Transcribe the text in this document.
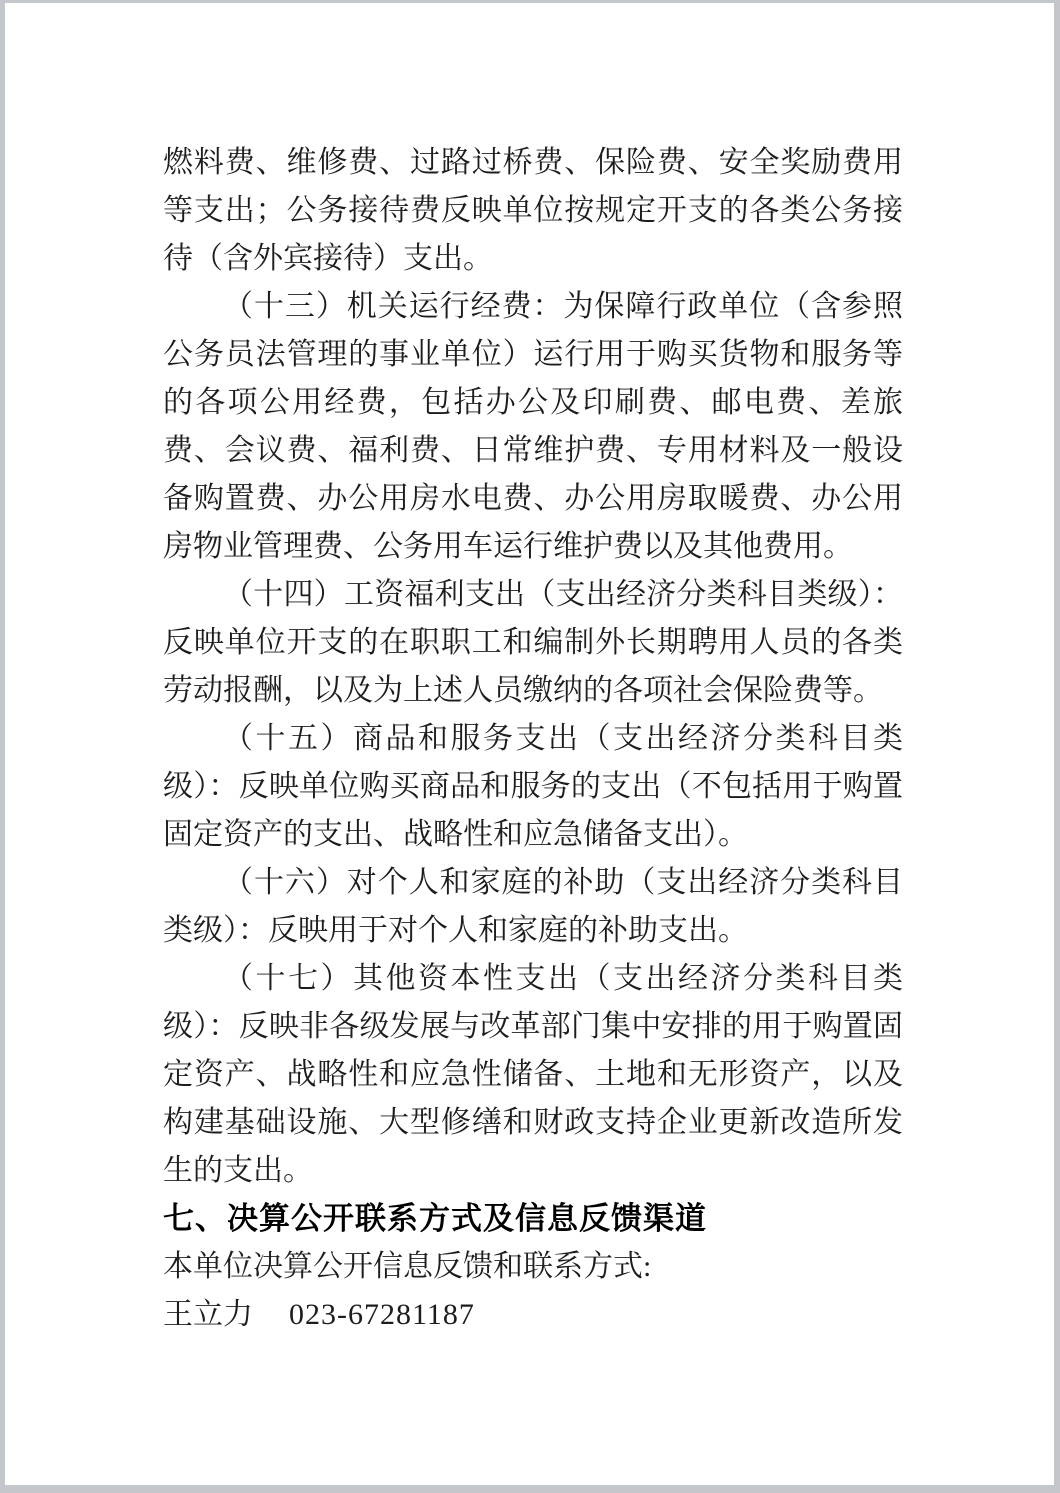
燃料费、维修费、过路过桥费、保险费、安全奖励费用等支出；公务接待费反映单位按规定开支的各类公务接待（含外宾接待）支出。

（十三）机关运行经费：为保障行政单位（含参照公务员法管理的事业单位）运行用于购买货物和服务等的各项公用经费，包括办公及印刷费、邮电费、差旅费、会议费、福利费、日常维护费、专用材料及一般设备购置费、办公用房水电费、办公用房取暖费、办公用房物业管理费、公务用车运行维护费以及其他费用。

（十四）工资福利支出（支出经济分类科目类级）：反映单位开支的在职职工和编制外长期聘用人员的各类劳动报酬，以及为上述人员缴纳的各项社会保险费等。

（十五）商品和服务支出（支出经济分类科目类级）：反映单位购买商品和服务的支出（不包括用于购置固定资产的支出、战略性和应急储备支出）。

（十六）对个人和家庭的补助（支出经济分类科目类级）：反映用于对个人和家庭的补助支出。

（十七）其他资本性支出（支出经济分类科目类级）：反映非各级发展与改革部门集中安排的用于购置固定资产、战略性和应急性储备、土地和无形资产，以及构建基础设施、大型修缮和财政支持企业更新改造所发生的支出。

七、决算公开联系方式及信息反馈渠道

本单位决算公开信息反馈和联系方式:

王立力 023-67281187
